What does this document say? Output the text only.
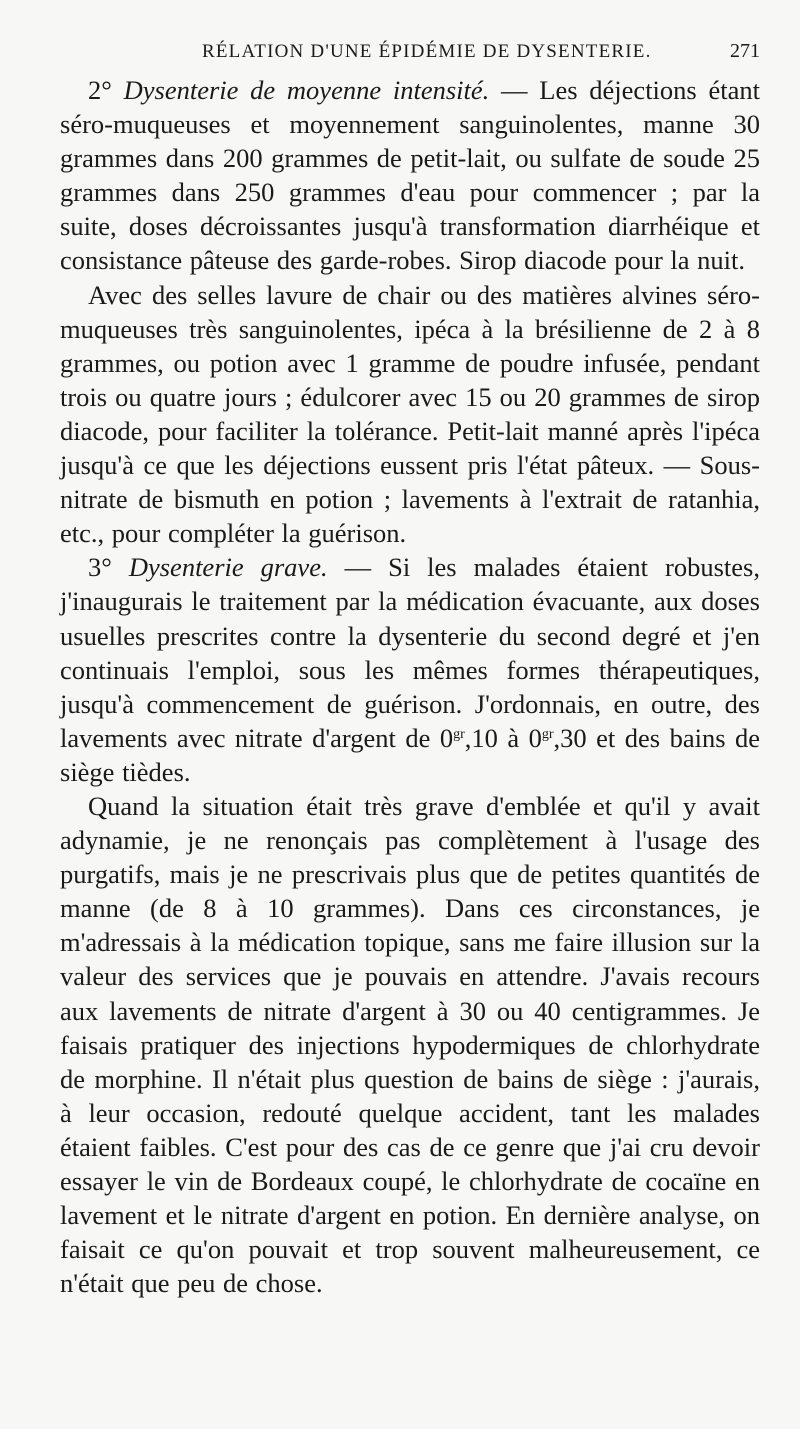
RÉLATION D'UNE ÉPIDÉMIE DE DYSENTERIE.	271

2° Dysenterie de moyenne intensité. — Les déjections étant séro-muqueuses et moyennement sanguinolentes, manne 30 grammes dans 200 grammes de petit-lait, ou sulfate de soude 25 grammes dans 250 grammes d'eau pour commencer ; par la suite, doses décroissantes jusqu'à transformation diarrhéique et consistance pâteuse des garde-robes. Sirop diacode pour la nuit.

Avec des selles lavure de chair ou des matières alvines séro-muqueuses très sanguinolentes, ipéca à la brésilienne de 2 à 8 grammes, ou potion avec 1 gramme de poudre infusée, pendant trois ou quatre jours ; édulcorer avec 15 ou 20 grammes de sirop diacode, pour faciliter la tolérance. Petit-lait manné après l'ipéca jusqu'à ce que les déjections eussent pris l'état pâteux. — Sous-nitrate de bismuth en potion ; lavements à l'extrait de ratanhia, etc., pour compléter la guérison.

3° Dysenterie grave. — Si les malades étaient robustes, j'inaugurais le traitement par la médication évacuante, aux doses usuelles prescrites contre la dysenterie du second degré et j'en continuais l'emploi, sous les mêmes formes thérapeutiques, jusqu'à commencement de guérison. J'ordonnais, en outre, des lavements avec nitrate d'argent de $0^{gr},10$ à $0^{gr},30$ et des bains de siège tièdes.

Quand la situation était très grave d'emblée et qu'il y avait adynamie, je ne renonçais pas complètement à l'usage des purgatifs, mais je ne prescrivais plus que de petites quantités de manne (de 8 à 10 grammes). Dans ces circonstances, je m'adressais à la médication topique, sans me faire illusion sur la valeur des services que je pouvais en attendre. J'avais recours aux lavements de nitrate d'argent à 30 ou 40 centigrammes. Je faisais pratiquer des injections hypodermiques de chlorhydrate de morphine. Il n'était plus question de bains de siège : j'aurais, à leur occasion, redouté quelque accident, tant les malades étaient faibles. C'est pour des cas de ce genre que j'ai cru devoir essayer le vin de Bordeaux coupé, le chlorhydrate de cocaïne en lavement et le nitrate d'argent en potion. En dernière analyse, on faisait ce qu'on pouvait et trop souvent malheureusement, ce n'était que peu de chose.
